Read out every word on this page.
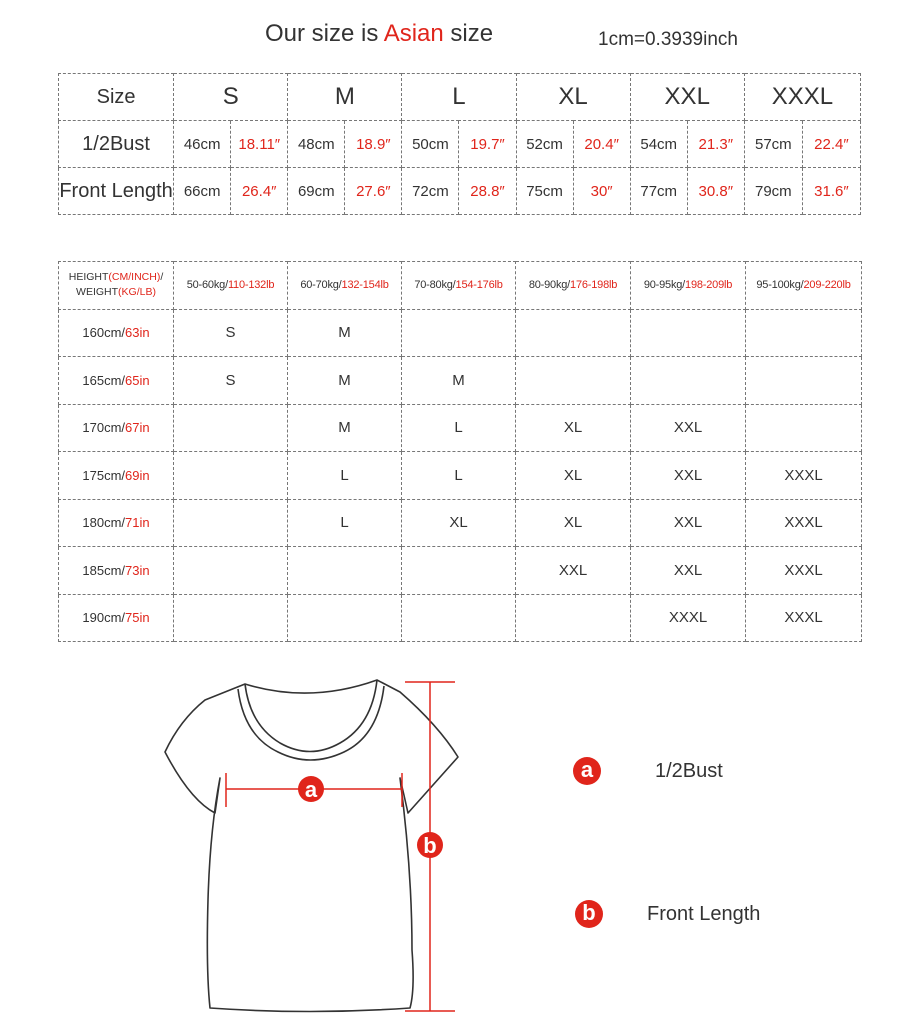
Our size is Asian size	1cm=0.3939inch
Size	S		M		L		XL		XXL		XXXL	
1/2Bust	46cm	18.11″	48cm	18.9″	50cm	19.7″	52cm	20.4″	54cm	21.3″	57cm	22.4″
Front Length	66cm	26.4″	69cm	27.6″	72cm	28.8″	75cm	30″	77cm	30.8″	79cm	31.6″
HEIGHT(CM/INCH)/
WEIGHT(KG/LB)	50-60kg/110-132lb	60-70kg/132-154lb	70-80kg/154-176lb	80-90kg/176-198lb	90-95kg/198-209lb	95-100kg/209-220lb
160cm/63in	S	M				
165cm/65in	S	M	M			
170cm/67in		M	L	XL	XXL	
175cm/69in		L	L	XL	XXL	XXXL
180cm/71in		L	XL	XL	XXL	XXXL
185cm/73in				XXL	XXL	XXXL
190cm/75in					XXXL	XXXL
a
b
a	1/2Bust
b	Front Length
